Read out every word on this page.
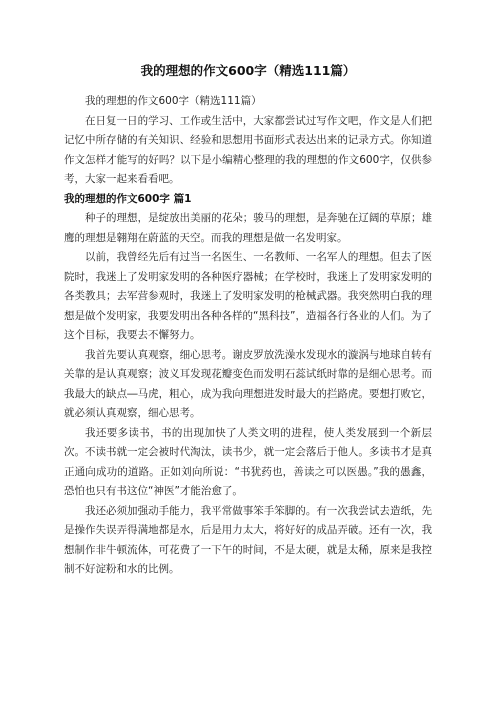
我的理想的作文600字（精选111篇）

我的理想的作文600字（精选111篇）

在日复一日的学习、工作或生活中，大家都尝试过写作文吧，作文是人们把记忆中所存储的有关知识、经验和思想用书面形式表达出来的记录方式。你知道作文怎样才能写的好吗？以下是小编精心整理的我的理想的作文600字，仅供参考，大家一起来看看吧。

我的理想的作文600字 篇1

种子的理想，是绽放出美丽的花朵；骏马的理想，是奔驰在辽阔的草原；雄鹰的理想是翱翔在蔚蓝的天空。而我的理想是做一名发明家。

以前，我曾经先后有过当一名医生、一名教师、一名军人的理想。但去了医院时，我迷上了发明家发明的各种医疗器械；在学校时，我迷上了发明家发明的各类教具；去军营参观时，我迷上了发明家发明的枪械武器。我突然明白我的理想是做个发明家，我要发明出各种各样的“黑科技”，造福各行各业的人们。为了这个目标，我要去不懈努力。

我首先要认真观察，细心思考。谢皮罗放洗澡水发现水的漩涡与地球自转有关靠的是认真观察；波义耳发现花瓣变色而发明石蕊试纸时靠的是细心思考。而我最大的缺点―马虎，粗心，成为我向理想进发时最大的拦路虎。要想打败它，就必须认真观察，细心思考。

我还要多读书，书的出现加快了人类文明的进程，使人类发展到一个新层次。不读书就一定会被时代淘汰，读书少，就一定会落后于他人。多读书才是真正通向成功的道路。正如刘向所说：“书犹药也，善读之可以医愚。”我的愚鑫，恐怕也只有书这位“神医”才能治愈了。

我还必须加强动手能力，我平常做事笨手笨脚的。有一次我尝试去造纸，先是操作失误弄得满地都是水，后是用力太大，将好好的成品弄破。还有一次，我想制作非牛顿流体，可花费了一下午的时间，不是太硬，就是太稀，原来是我控制不好淀粉和水的比例。
